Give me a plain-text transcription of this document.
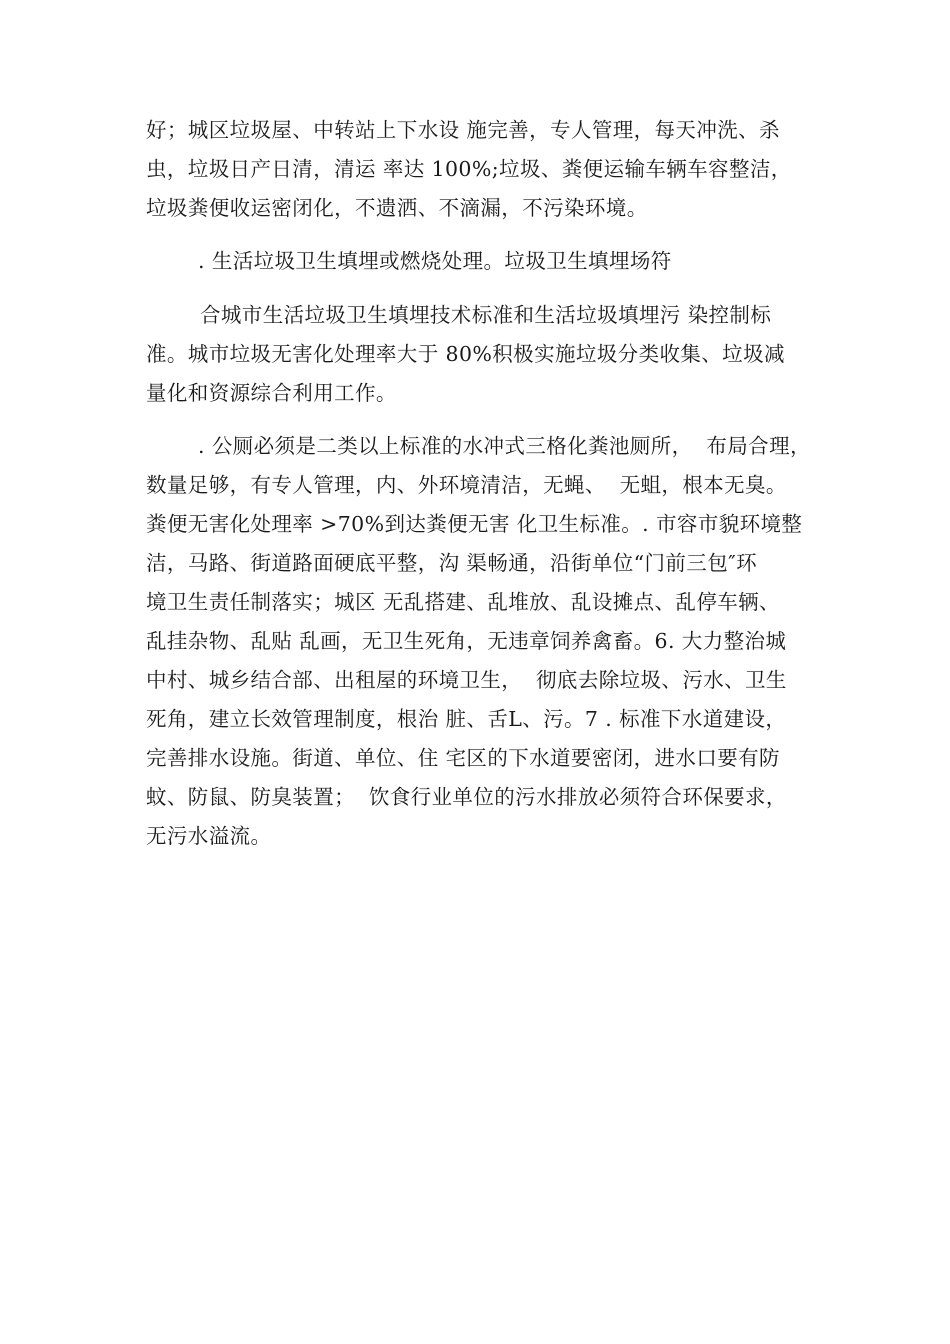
好；城区垃圾屋、中转站上下水设 施完善，专人管理，每天冲洗、杀
虫，垃圾日产日清，清运 率达 100%;垃圾、粪便运输车辆车容整洁，
垃圾粪便收运密闭化，不遗洒、不滴漏，不污染环境。
. 生活垃圾卫生填埋或燃烧处理。垃圾卫生填埋场符
合城市生活垃圾卫生填埋技术标准和生活垃圾填埋污 染控制标
准。城市垃圾无害化处理率大于 80%积极实施垃圾分类收集、垃圾减
量化和资源综合利用工作。
. 公厕必须是二类以上标准的水冲式三格化粪池厕所，  布局合理，
数量足够，有专人管理，内、外环境清洁，无蝇、  无蛆，根本无臭。
粪便无害化处理率 >70%到达粪便无害 化卫生标准。. 市容市貌环境整
洁，马路、街道路面硬底平整，沟 渠畅通，沿街单位“门前三包″环
境卫生责任制落实；城区 无乱搭建、乱堆放、乱设摊点、乱停车辆、
乱挂杂物、乱贴 乱画，无卫生死角，无违章饲养禽畜。6. 大力整治城
中村、城乡结合部、出租屋的环境卫生，  彻底去除垃圾、污水、卫生
死角，建立长效管理制度，根治 脏、舌L、污。7 . 标准下水道建设，
完善排水设施。街道、单位、住 宅区的下水道要密闭，进水口要有防
蚊、防鼠、防臭装置；  饮食行业单位的污水排放必须符合环保要求，
无污水溢流。
